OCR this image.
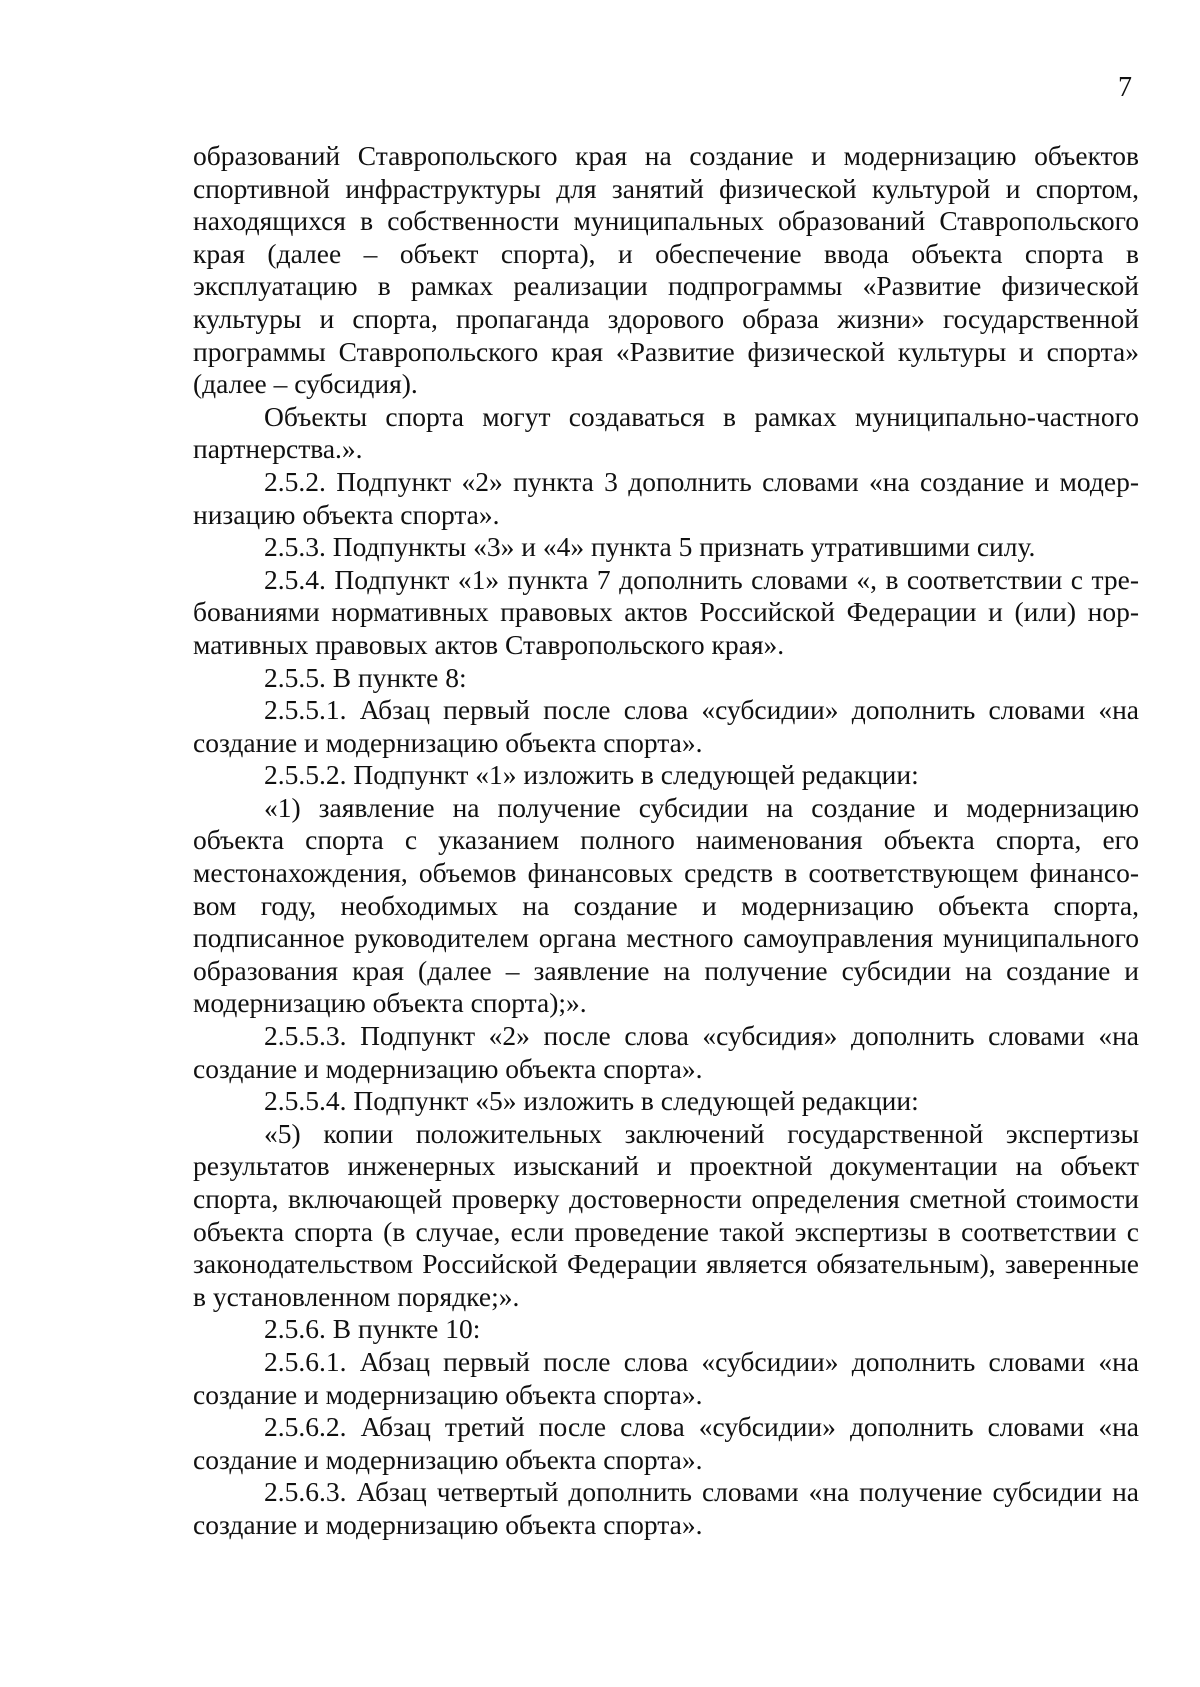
7

образований Ставропольского края на создание и модернизацию объектов спортивной инфраструктуры для занятий физической культурой и спортом, находящихся в собственности муниципальных образований Ставропольского края (далее – объект спорта), и обеспечение ввода объекта спорта в эксплуатацию в рамках реализации подпрограммы «Развитие физической культуры и спорта, пропаганда здорового образа жизни» государственной программы Ставропольского края «Развитие физической культуры и спорта» (далее – субсидия).

Объекты спорта могут создаваться в рамках муниципально-частного партнерства.».

2.5.2. Подпункт «2» пункта 3 дополнить словами «на создание и модернизацию объекта спорта».

2.5.3. Подпункты «3» и «4» пункта 5 признать утратившими силу.

2.5.4. Подпункт «1» пункта 7 дополнить словами «, в соответствии с требованиями нормативных правовых актов Российской Федерации и (или) нормативных правовых актов Ставропольского края».

2.5.5. В пункте 8:

2.5.5.1. Абзац первый после слова «субсидии» дополнить словами «на создание и модернизацию объекта спорта».

2.5.5.2. Подпункт «1» изложить в следующей редакции:

«1) заявление на получение субсидии на создание и модернизацию объекта спорта с указанием полного наименования объекта спорта, его местонахождения, объемов финансовых средств в соответствующем финансовом году, необходимых на создание и модернизацию объекта спорта, подписанное руководителем органа местного самоуправления муниципального образования края (далее – заявление на получение субсидии на создание и модернизацию объекта спорта);».

2.5.5.3. Подпункт «2» после слова «субсидия» дополнить словами «на создание и модернизацию объекта спорта».

2.5.5.4. Подпункт «5» изложить в следующей редакции:

«5) копии положительных заключений государственной экспертизы результатов инженерных изысканий и проектной документации на объект спорта, включающей проверку достоверности определения сметной стоимости объекта спорта (в случае, если проведение такой экспертизы в соответствии с законодательством Российской Федерации является обязательным), заверенные в установленном порядке;».

2.5.6. В пункте 10:

2.5.6.1. Абзац первый после слова «субсидии» дополнить словами «на создание и модернизацию объекта спорта».

2.5.6.2. Абзац третий после слова «субсидии» дополнить словами «на создание и модернизацию объекта спорта».

2.5.6.3. Абзац четвертый дополнить словами «на получение субсидии на создание и модернизацию объекта спорта».
